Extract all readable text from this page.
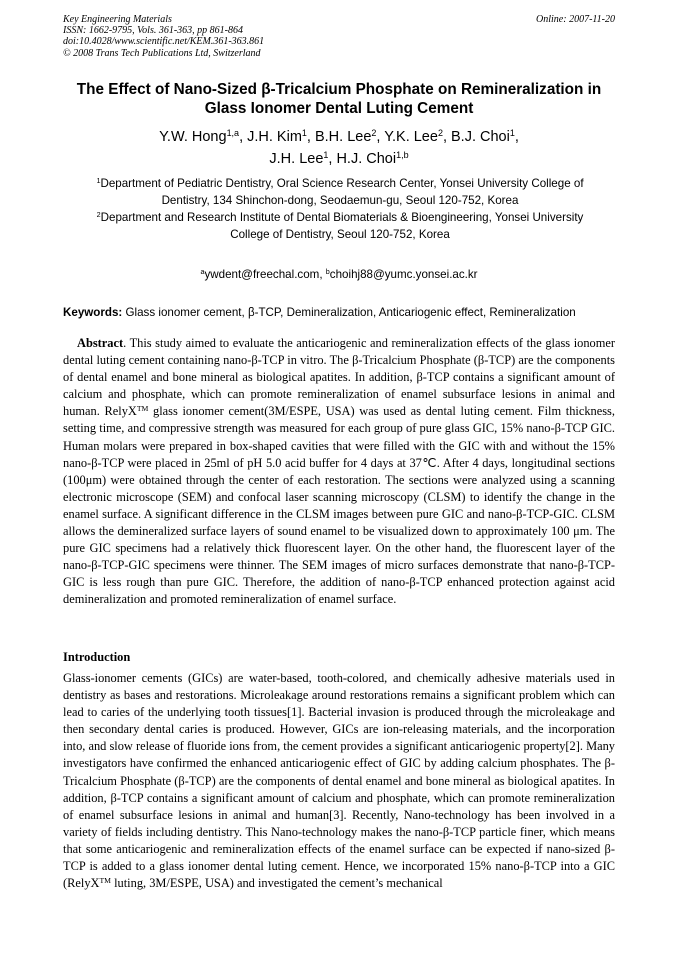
Key Engineering Materials
ISSN: 1662-9795, Vols. 361-363, pp 861-864
doi:10.4028/www.scientific.net/KEM.361-363.861
© 2008 Trans Tech Publications Ltd, Switzerland
Online: 2007-11-20
The Effect of Nano-Sized β-Tricalcium Phosphate on Remineralization in
Glass Ionomer Dental Luting Cement
Y.W. Hong$^{1,a}$, J.H. Kim$^1$, B.H. Lee$^2$, Y.K. Lee$^2$, B.J. Choi$^1$,
J.H. Lee$^1$, H.J. Choi$^{1,b}$
$^1$Department of Pediatric Dentistry, Oral Science Research Center, Yonsei University College of
Dentistry, 134 Shinchon-dong, Seodaemun-gu, Seoul 120-752, Korea
$^2$Department and Research Institute of Dental Biomaterials & Bioengineering, Yonsei University
College of Dentistry, Seoul 120-752, Korea
$^a$ywdent@freechal.com, $^b$choihj88@yumc.yonsei.ac.kr
Keywords: Glass ionomer cement, β-TCP, Demineralization, Anticariogenic effect, Remineralization

Abstract. This study aimed to evaluate the anticariogenic and remineralization effects of the glass ionomer dental luting cement containing nano-β-TCP in vitro. The β-Tricalcium Phosphate (β-TCP) are the components of dental enamel and bone mineral as biological apatites. In addition, β-TCP contains a significant amount of calcium and phosphate, which can promote remineralization of enamel subsurface lesions in animal and human. RelyX™ glass ionomer cement(3M/ESPE, USA) was used as dental luting cement. Film thickness, setting time, and compressive strength was measured for each group of pure glass GIC, 15% nano-β-TCP GIC. Human molars were prepared in box-shaped cavities that were filled with the GIC with and without the 15% nano-β-TCP were placed in 25ml of pH 5.0 acid buffer for 4 days at 37℃. After 4 days, longitudinal sections (100μm) were obtained through the center of each restoration. The sections were analyzed using a scanning electronic microscope (SEM) and confocal laser scanning microscopy (CLSM) to identify the change in the enamel surface. A significant difference in the CLSM images between pure GIC and nano-β-TCP-GIC. CLSM allows the demineralized surface layers of sound enamel to be visualized down to approximately 100 μm. The pure GIC specimens had a relatively thick fluorescent layer. On the other hand, the fluorescent layer of the nano-β-TCP-GIC specimens were thinner. The SEM images of micro surfaces demonstrate that nano-β-TCP-GIC is less rough than pure GIC. Therefore, the addition of nano-β-TCP enhanced protection against acid demineralization and promoted remineralization of enamel surface.

Introduction

Glass-ionomer cements (GICs) are water-based, tooth-colored, and chemically adhesive materials used in dentistry as bases and restorations. Microleakage around restorations remains a significant problem which can lead to caries of the underlying tooth tissues[1]. Bacterial invasion is produced through the microleakage and then secondary dental caries is produced. However, GICs are ion-releasing materials, and the incorporation into, and slow release of fluoride ions from, the cement provides a significant anticariogenic property[2]. Many investigators have confirmed the enhanced anticariogenic effect of GIC by adding calcium phosphates. The β-Tricalcium Phosphate (β-TCP) are the components of dental enamel and bone mineral as biological apatites. In addition, β-TCP contains a significant amount of calcium and phosphate, which can promote remineralization of enamel subsurface lesions in animal and human[3]. Recently, Nano-technology has been involved in a variety of fields including dentistry. This Nano-technology makes the nano-β-TCP particle finer, which means that some anticariogenic and remineralization effects of the enamel surface can be expected if nano-sized β-TCP is added to a glass ionomer dental luting cement. Hence, we incorporated 15% nano-β-TCP into a GIC (RelyX™ luting, 3M/ESPE, USA) and investigated the cement’s mechanical
